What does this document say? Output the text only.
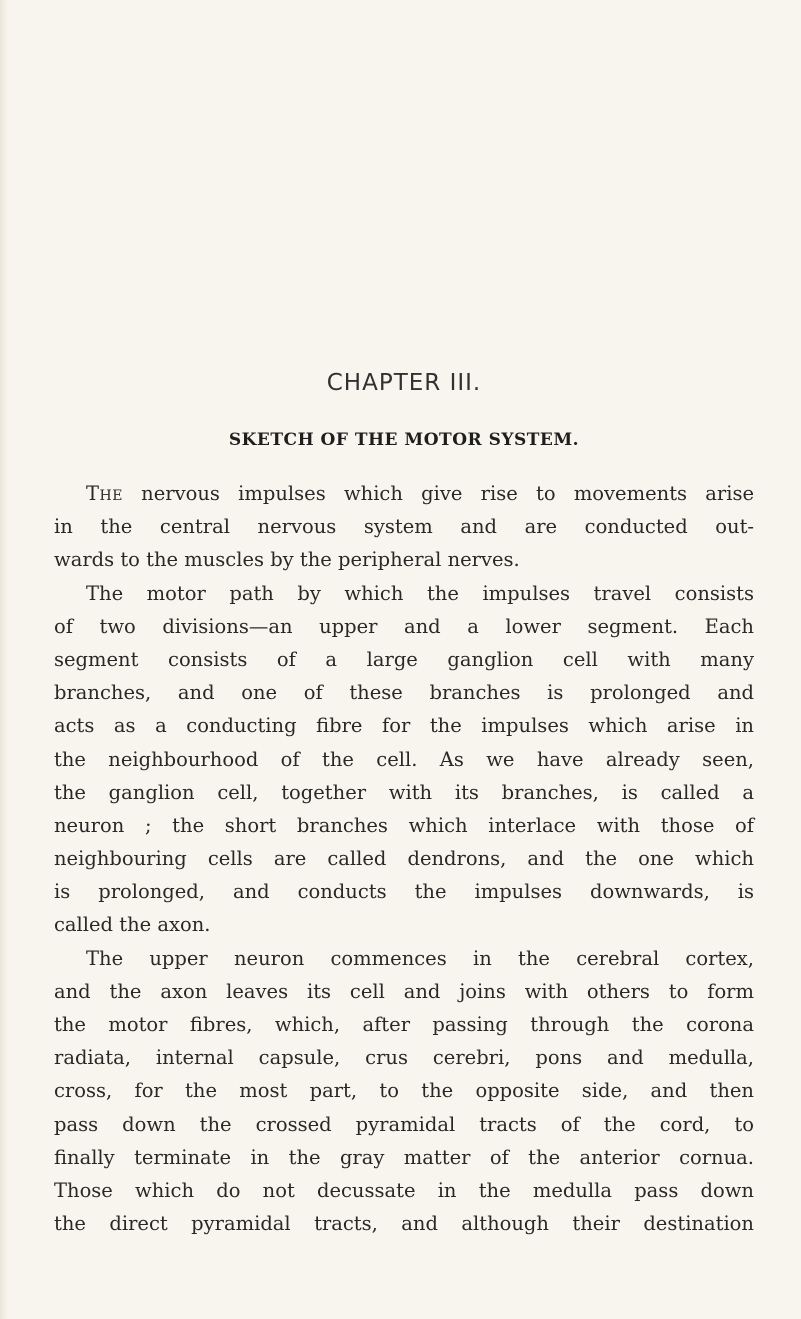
CHAPTER III.
SKETCH OF THE MOTOR SYSTEM.
The nervous impulses which give rise to movements arise
in the central nervous system and are conducted out-
wards to the muscles by the peripheral nerves.
The motor path by which the impulses travel consists
of two divisions—an upper and a lower segment. Each
segment consists of a large ganglion cell with many
branches, and one of these branches is prolonged and
acts as a conducting fibre for the impulses which arise in
the neighbourhood of the cell. As we have already seen,
the ganglion cell, together with its branches, is called a
neuron ; the short branches which interlace with those of
neighbouring cells are called dendrons, and the one which
is prolonged, and conducts the impulses downwards, is
called the axon.
The upper neuron commences in the cerebral cortex,
and the axon leaves its cell and joins with others to form
the motor fibres, which, after passing through the corona
radiata, internal capsule, crus cerebri, pons and medulla,
cross, for the most part, to the opposite side, and then
pass down the crossed pyramidal tracts of the cord, to
finally terminate in the gray matter of the anterior cornua.
Those which do not decussate in the medulla pass down
the direct pyramidal tracts, and although their destination
